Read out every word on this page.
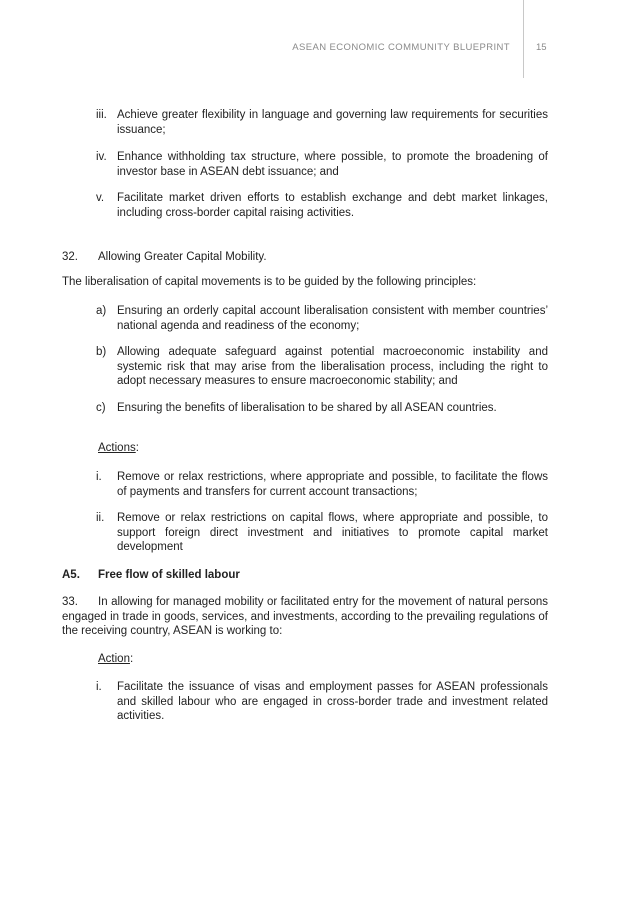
ASEAN ECONOMIC COMMUNITY BLUEPRINT	15
iii. Achieve greater flexibility in language and governing law requirements for securities issuance;
iv. Enhance withholding tax structure, where possible, to promote the broadening of investor base in ASEAN debt issuance; and
v.	Facilitate market driven efforts to establish exchange and debt market linkages, including cross-border capital raising activities.
32. Allowing Greater Capital Mobility.
The liberalisation of capital movements is to be guided by the following principles:
a) Ensuring an orderly capital account liberalisation consistent with member countries’ national agenda and readiness of the economy;
b) Allowing adequate safeguard against potential macroeconomic instability and systemic risk that may arise from the liberalisation process, including the right to adopt necessary measures to ensure macroeconomic stability; and
c) Ensuring the benefits of liberalisation to be shared by all ASEAN countries.
Actions:
i.	Remove or relax restrictions, where appropriate and possible, to facilitate the flows of payments and transfers for current account transactions;
ii.	Remove or relax restrictions on capital flows, where appropriate and possible, to support foreign direct investment and initiatives to promote capital market development
A5. Free flow of skilled labour
33. In allowing for managed mobility or facilitated entry for the movement of natural persons engaged in trade in goods, services, and investments, according to the prevailing regulations of the receiving country, ASEAN is working to:
Action:
i.	Facilitate the issuance of visas and employment passes for ASEAN professionals and skilled labour who are engaged in cross-border trade and investment related activities.
